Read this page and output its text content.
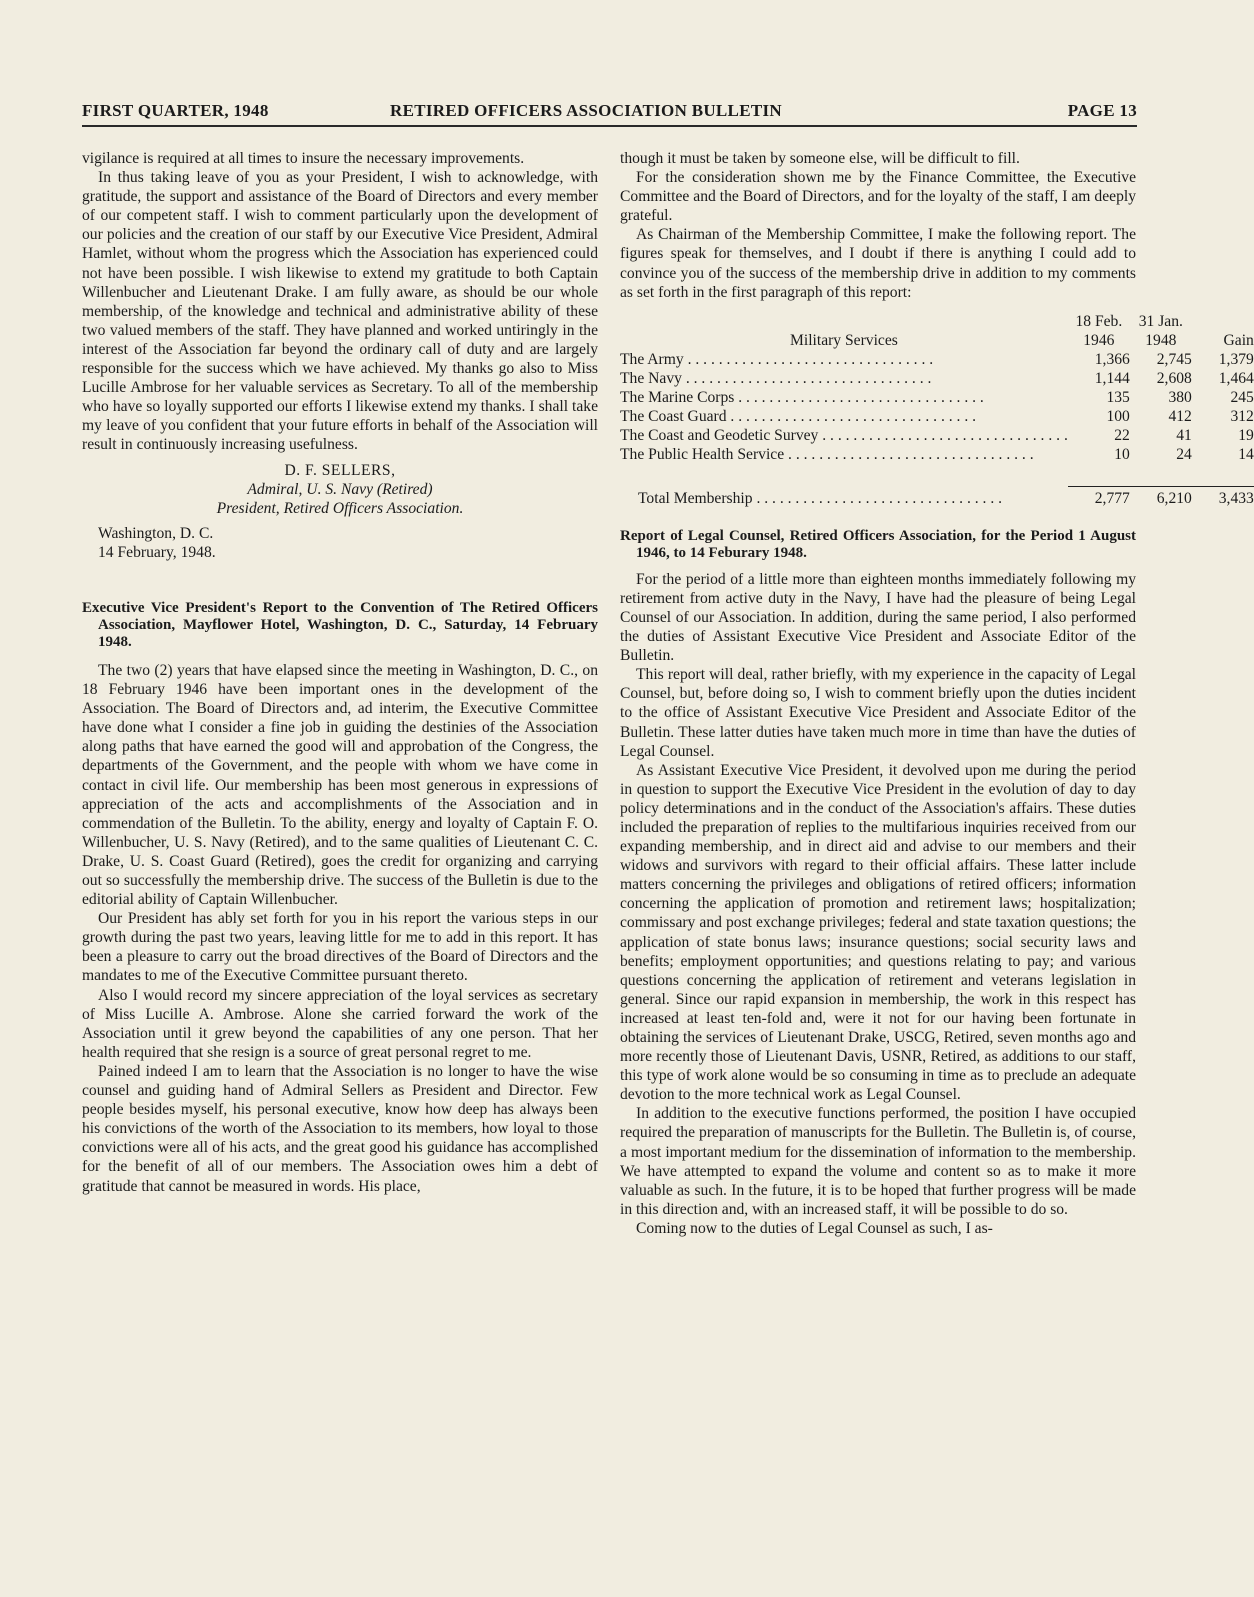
FIRST QUARTER, 1948	RETIRED OFFICERS ASSOCIATION BULLETIN	PAGE 13

vigilance is required at all times to insure the necessary improvements.

In thus taking leave of you as your President, I wish to acknowledge, with gratitude, the support and assistance of the Board of Directors and every member of our competent staff. I wish to comment particularly upon the development of our policies and the creation of our staff by our Executive Vice President, Admiral Hamlet, without whom the progress which the Association has experienced could not have been possible. I wish likewise to extend my gratitude to both Captain Willenbucher and Lieutenant Drake. I am fully aware, as should be our whole membership, of the knowledge and technical and administrative ability of these two valued members of the staff. They have planned and worked untiringly in the interest of the Association far beyond the ordinary call of duty and are largely responsible for the success which we have achieved. My thanks go also to Miss Lucille Ambrose for her valuable services as Secretary. To all of the membership who have so loyally supported our efforts I likewise extend my thanks. I shall take my leave of you confident that your future efforts in behalf of the Association will result in continuously increasing usefulness.

D. F. SELLERS,
Admiral, U. S. Navy (Retired)
President, Retired Officers Association.
Washington, D. C.
14 February, 1948.
Executive Vice President's Report to the Convention of The Retired Officers Association, Mayflower Hotel, Washington, D. C., Saturday, 14 February 1948.

The two (2) years that have elapsed since the meeting in Washington, D. C., on 18 February 1946 have been important ones in the development of the Association. The Board of Directors and, ad interim, the Executive Committee have done what I consider a fine job in guiding the destinies of the Association along paths that have earned the good will and approbation of the Congress, the departments of the Government, and the people with whom we have come in contact in civil life. Our membership has been most generous in expressions of appreciation of the acts and accomplishments of the Association and in commendation of the Bulletin. To the ability, energy and loyalty of Captain F. O. Willenbucher, U. S. Navy (Retired), and to the same qualities of Lieutenant C. C. Drake, U. S. Coast Guard (Retired), goes the credit for organizing and carrying out so successfully the membership drive. The success of the Bulletin is due to the editorial ability of Captain Willenbucher.

Our President has ably set forth for you in his report the various steps in our growth during the past two years, leaving little for me to add in this report. It has been a pleasure to carry out the broad directives of the Board of Directors and the mandates to me of the Executive Committee pursuant thereto.

Also I would record my sincere appreciation of the loyal services as secretary of Miss Lucille A. Ambrose. Alone she carried forward the work of the Association until it grew beyond the capabilities of any one person. That her health required that she resign is a source of great personal regret to me.

Pained indeed I am to learn that the Association is no longer to have the wise counsel and guiding hand of Admiral Sellers as President and Director. Few people besides myself, his personal executive, know how deep has always been his convictions of the worth of the Association to its members, how loyal to those convictions were all of his acts, and the great good his guidance has accomplished for the benefit of all of our members. The Association owes him a debt of gratitude that cannot be measured in words. His place,

though it must be taken by someone else, will be difficult to fill.

For the consideration shown me by the Finance Committee, the Executive Committee and the Board of Directors, and for the loyalty of the staff, I am deeply grateful.

As Chairman of the Membership Committee, I make the following report. The figures speak for themselves, and I doubt if there is anything I could add to convince you of the success of the membership drive in addition to my comments as set forth in the first paragraph of this report:

	18 Feb.	31 Jan.	
Military Services	1946	1948	Gain

The Army . . .	1,366	2,745	1,379

The Navy . . .	1,144	2,608	1,464

The Marine Corps . . .	135	380	245

The Coast Guard . . .	100	412	312

The Coast and Geodetic Survey . . .	22	41	19

The Public Health Service . . .	10	24	14

Total Membership . . .	2,777	6,210	3,433
Report of Legal Counsel, Retired Officers Association, for the Period 1 August 1946, to 14 Feburary 1948.

For the period of a little more than eighteen months immediately following my retirement from active duty in the Navy, I have had the pleasure of being Legal Counsel of our Association. In addition, during the same period, I also performed the duties of Assistant Executive Vice President and Associate Editor of the Bulletin.

This report will deal, rather briefly, with my experience in the capacity of Legal Counsel, but, before doing so, I wish to comment briefly upon the duties incident to the office of Assistant Executive Vice President and Associate Editor of the Bulletin. These latter duties have taken much more in time than have the duties of Legal Counsel.

As Assistant Executive Vice President, it devolved upon me during the period in question to support the Executive Vice President in the evolution of day to day policy determinations and in the conduct of the Association's affairs. These duties included the preparation of replies to the multifarious inquiries received from our expanding membership, and in direct aid and advise to our members and their widows and survivors with regard to their official affairs. These latter include matters concerning the privileges and obligations of retired officers; information concerning the application of promotion and retirement laws; hospitalization; commissary and post exchange privileges; federal and state taxation questions; the application of state bonus laws; insurance questions; social security laws and benefits; employment opportunities; and questions relating to pay; and various questions concerning the application of retirement and veterans legislation in general. Since our rapid expansion in membership, the work in this respect has increased at least ten-fold and, were it not for our having been fortunate in obtaining the services of Lieutenant Drake, USCG, Retired, seven months ago and more recently those of Lieutenant Davis, USNR, Retired, as additions to our staff, this type of work alone would be so consuming in time as to preclude an adequate devotion to the more technical work as Legal Counsel.

In addition to the executive functions performed, the position I have occupied required the preparation of manuscripts for the Bulletin. The Bulletin is, of course, a most important medium for the dissemination of information to the membership. We have attempted to expand the volume and content so as to make it more valuable as such. In the future, it is to be hoped that further progress will be made in this direction and, with an increased staff, it will be possible to do so.

Coming now to the duties of Legal Counsel as such, I as-
